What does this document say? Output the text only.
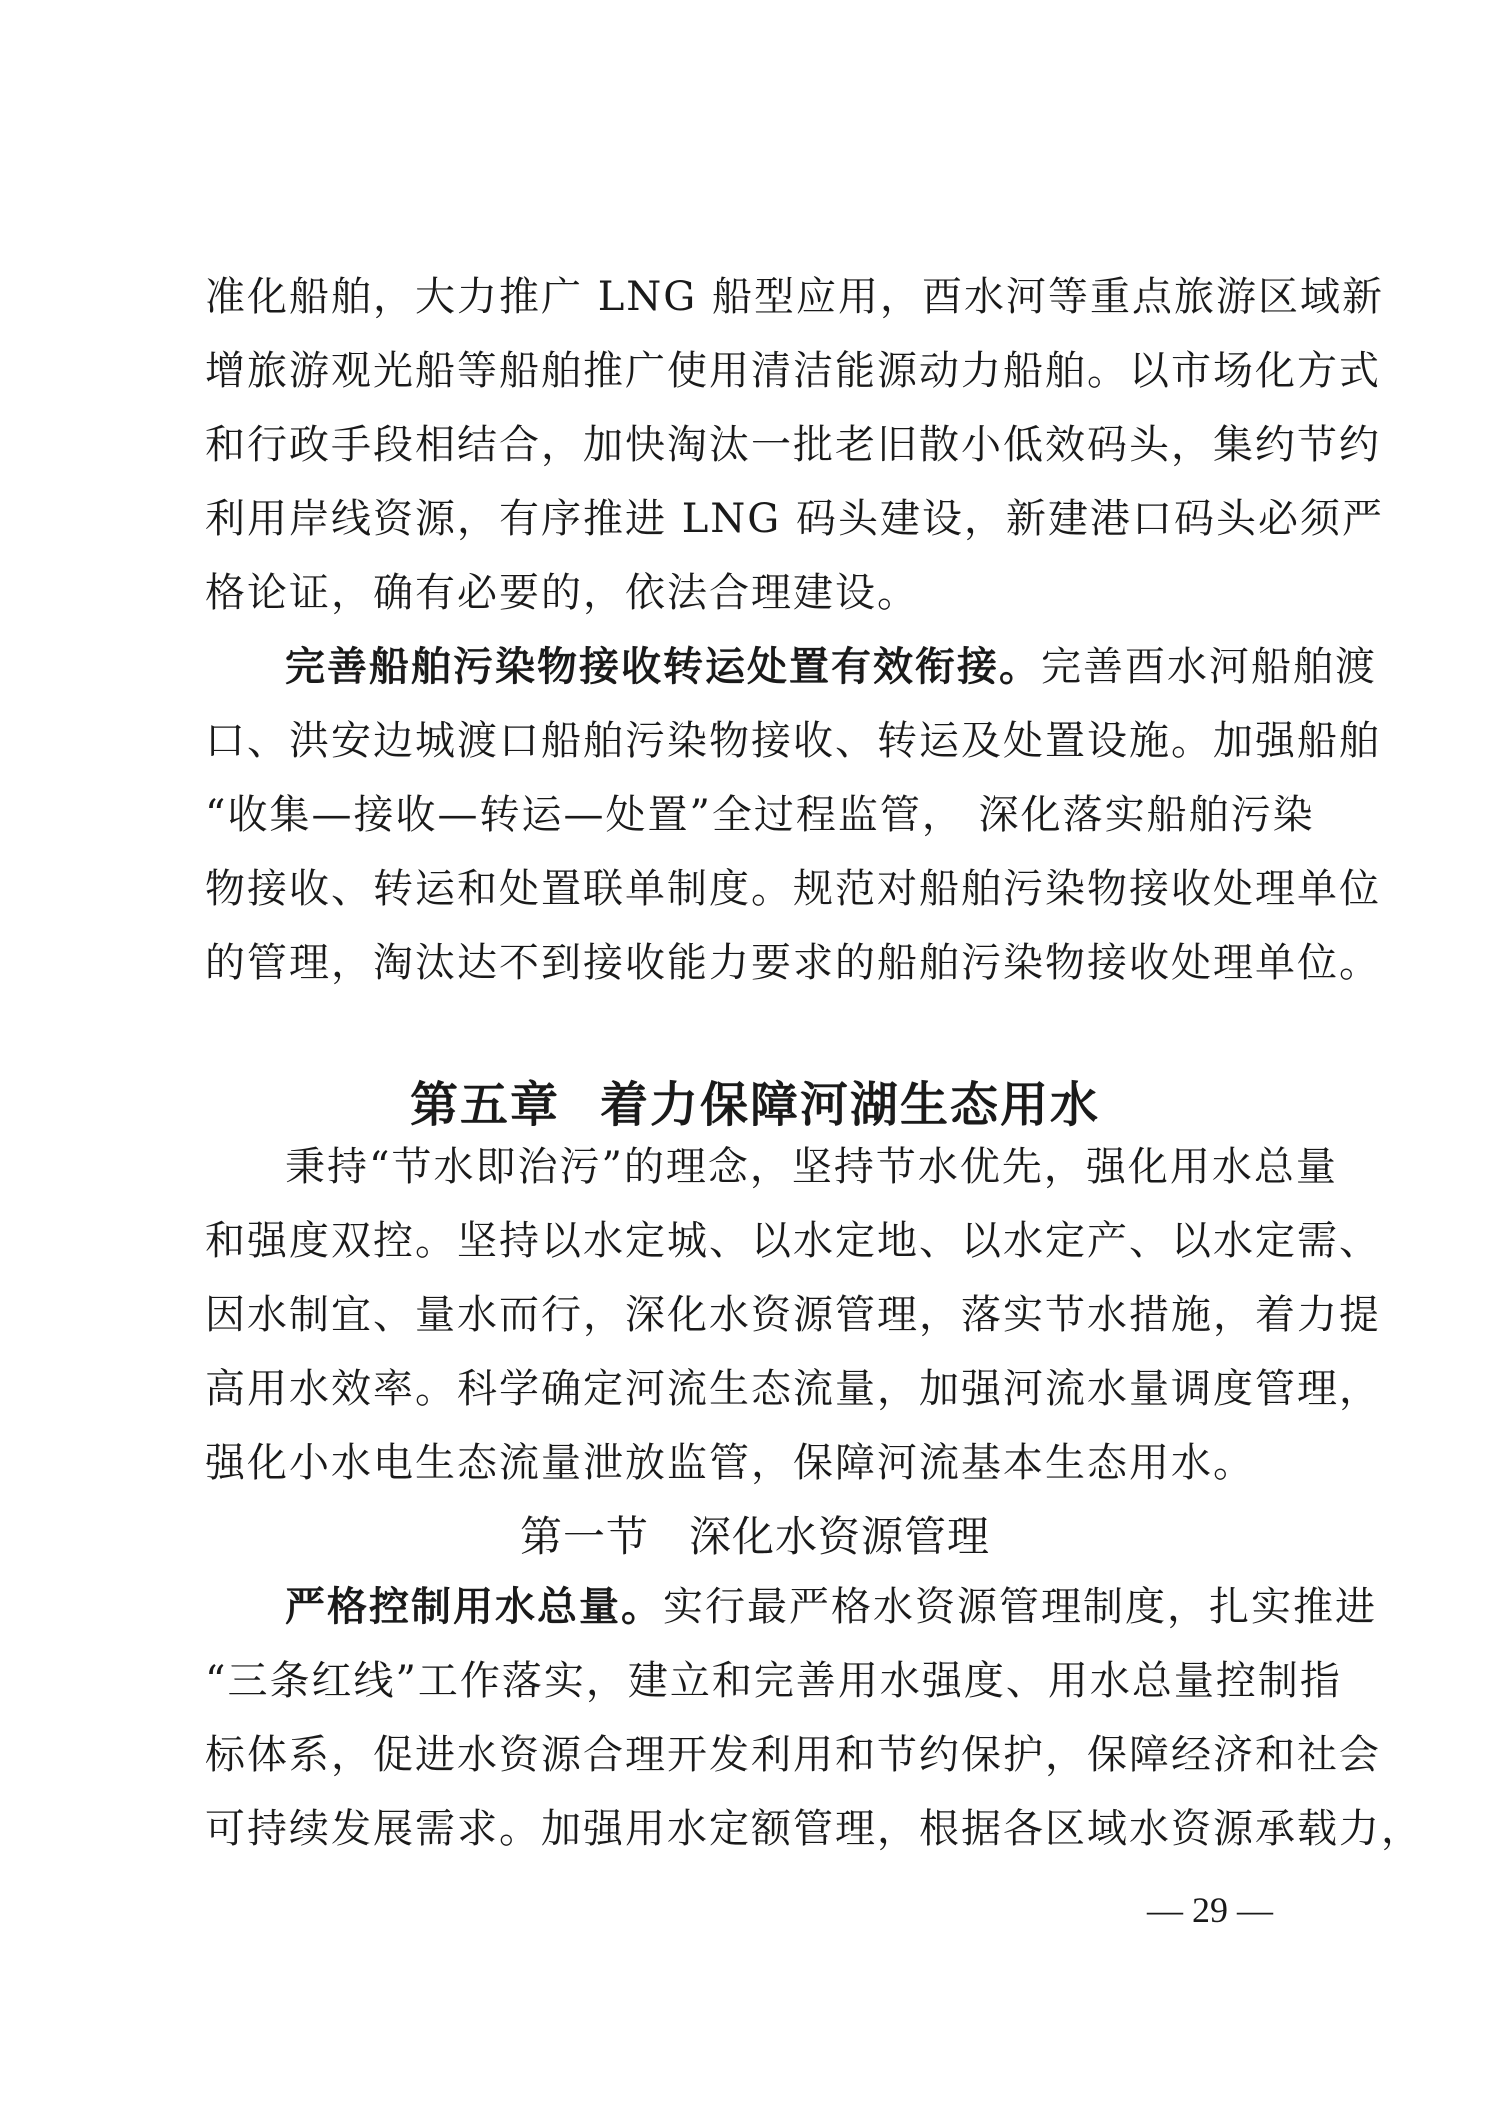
准化船舶，大力推广 LNG 船型应用，酉水河等重点旅游区域新
增旅游观光船等船舶推广使用清洁能源动力船舶。以市场化方式
和行政手段相结合，加快淘汰一批老旧散小低效码头，集约节约
利用岸线资源，有序推进 LNG 码头建设，新建港口码头必须严
格论证，确有必要的，依法合理建设。
完善船舶污染物接收转运处置有效衔接。完善酉水河船舶渡
口、洪安边城渡口船舶污染物接收、转运及处置设施。加强船舶
“收集—接收—转运—处置”全过程监管， 深化落实船舶污染
物接收、转运和处置联单制度。规范对船舶污染物接收处理单位
的管理，淘汰达不到接收能力要求的船舶污染物接收处理单位。
第五章 着力保障河湖生态用水
秉持“节水即治污”的理念，坚持节水优先，强化用水总量
和强度双控。坚持以水定城、以水定地、以水定产、以水定需、
因水制宜、量水而行，深化水资源管理，落实节水措施，着力提
高用水效率。科学确定河流生态流量，加强河流水量调度管理，
强化小水电生态流量泄放监管，保障河流基本生态用水。
第一节 深化水资源管理
严格控制用水总量。实行最严格水资源管理制度，扎实推进
“三条红线”工作落实，建立和完善用水强度、用水总量控制指
标体系，促进水资源合理开发利用和节约保护，保障经济和社会
可持续发展需求。加强用水定额管理，根据各区域水资源承载力，
— 29 —
